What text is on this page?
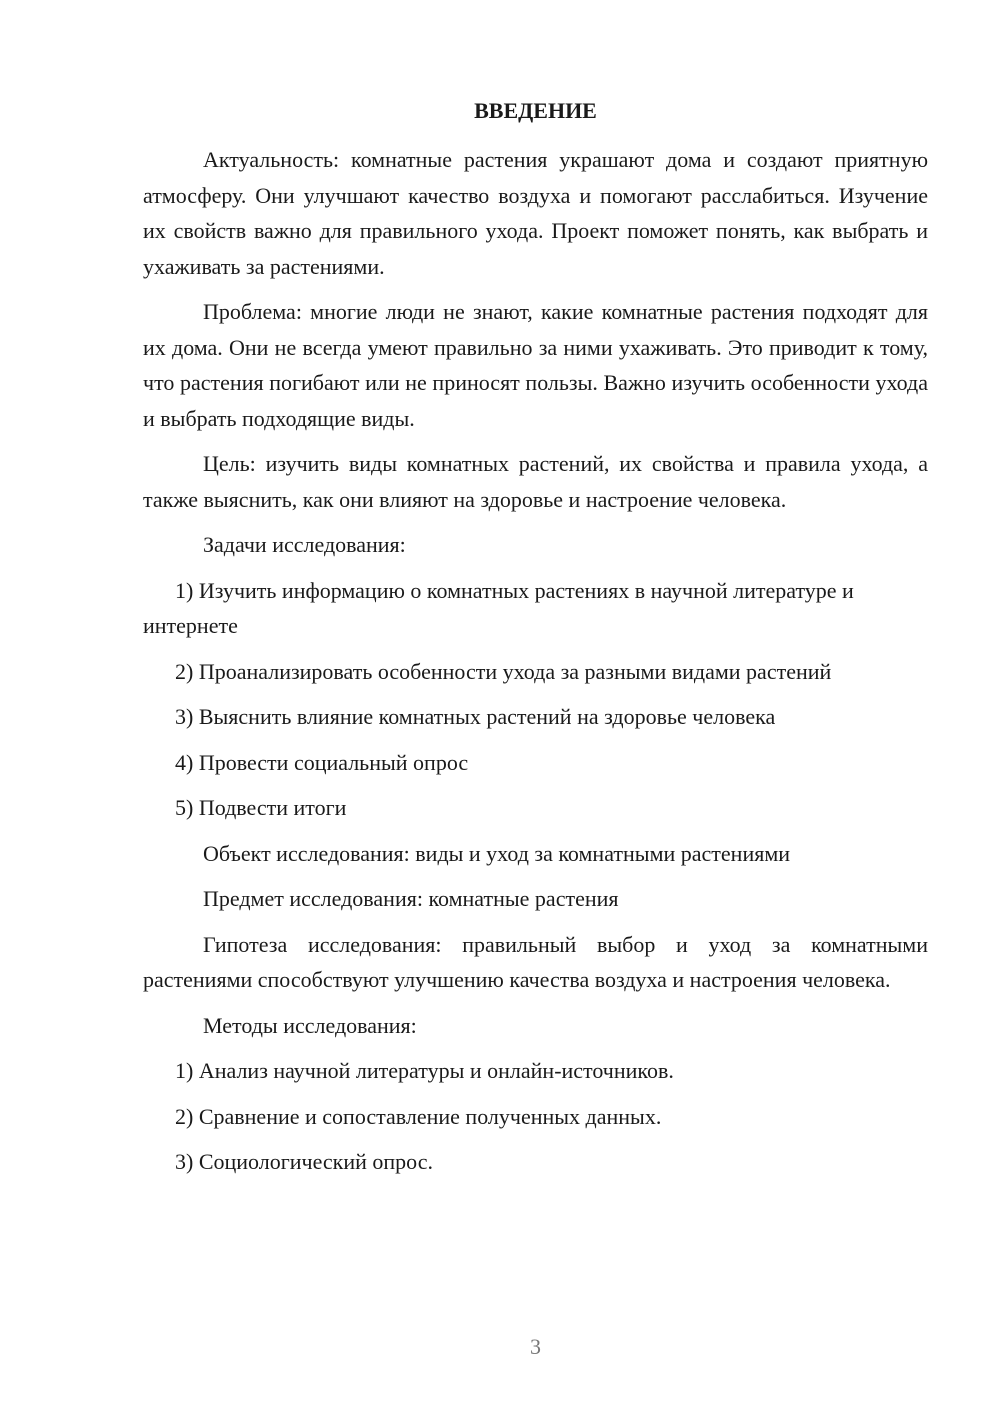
ВВЕДЕНИЕ

Актуальность: комнатные растения украшают дома и создают приятную атмосферу. Они улучшают качество воздуха и помогают расслабиться. Изучение их свойств важно для правильного ухода. Проект поможет понять, как выбрать и ухаживать за растениями.

Проблема: многие люди не знают, какие комнатные растения подходят для их дома. Они не всегда умеют правильно за ними ухаживать. Это приводит к тому, что растения погибают или не приносят пользы. Важно изучить особенности ухода и выбрать подходящие виды.

Цель: изучить виды комнатных растений, их свойства и правила ухода, а также выяснить, как они влияют на здоровье и настроение человека.

Задачи исследования:

1) Изучить информацию о комнатных растениях в научной литературе и интернете

2) Проанализировать особенности ухода за разными видами растений

3) Выяснить влияние комнатных растений на здоровье человека

4) Провести социальный опрос

5) Подвести итоги

Объект исследования: виды и уход за комнатными растениями

Предмет исследования: комнатные растения

Гипотеза исследования: правильный выбор и уход за комнатными растениями способствуют улучшению качества воздуха и настроения человека.

Методы исследования:

1) Анализ научной литературы и онлайн-источников.

2) Сравнение и сопоставление полученных данных.

3) Социологический опрос.

3
